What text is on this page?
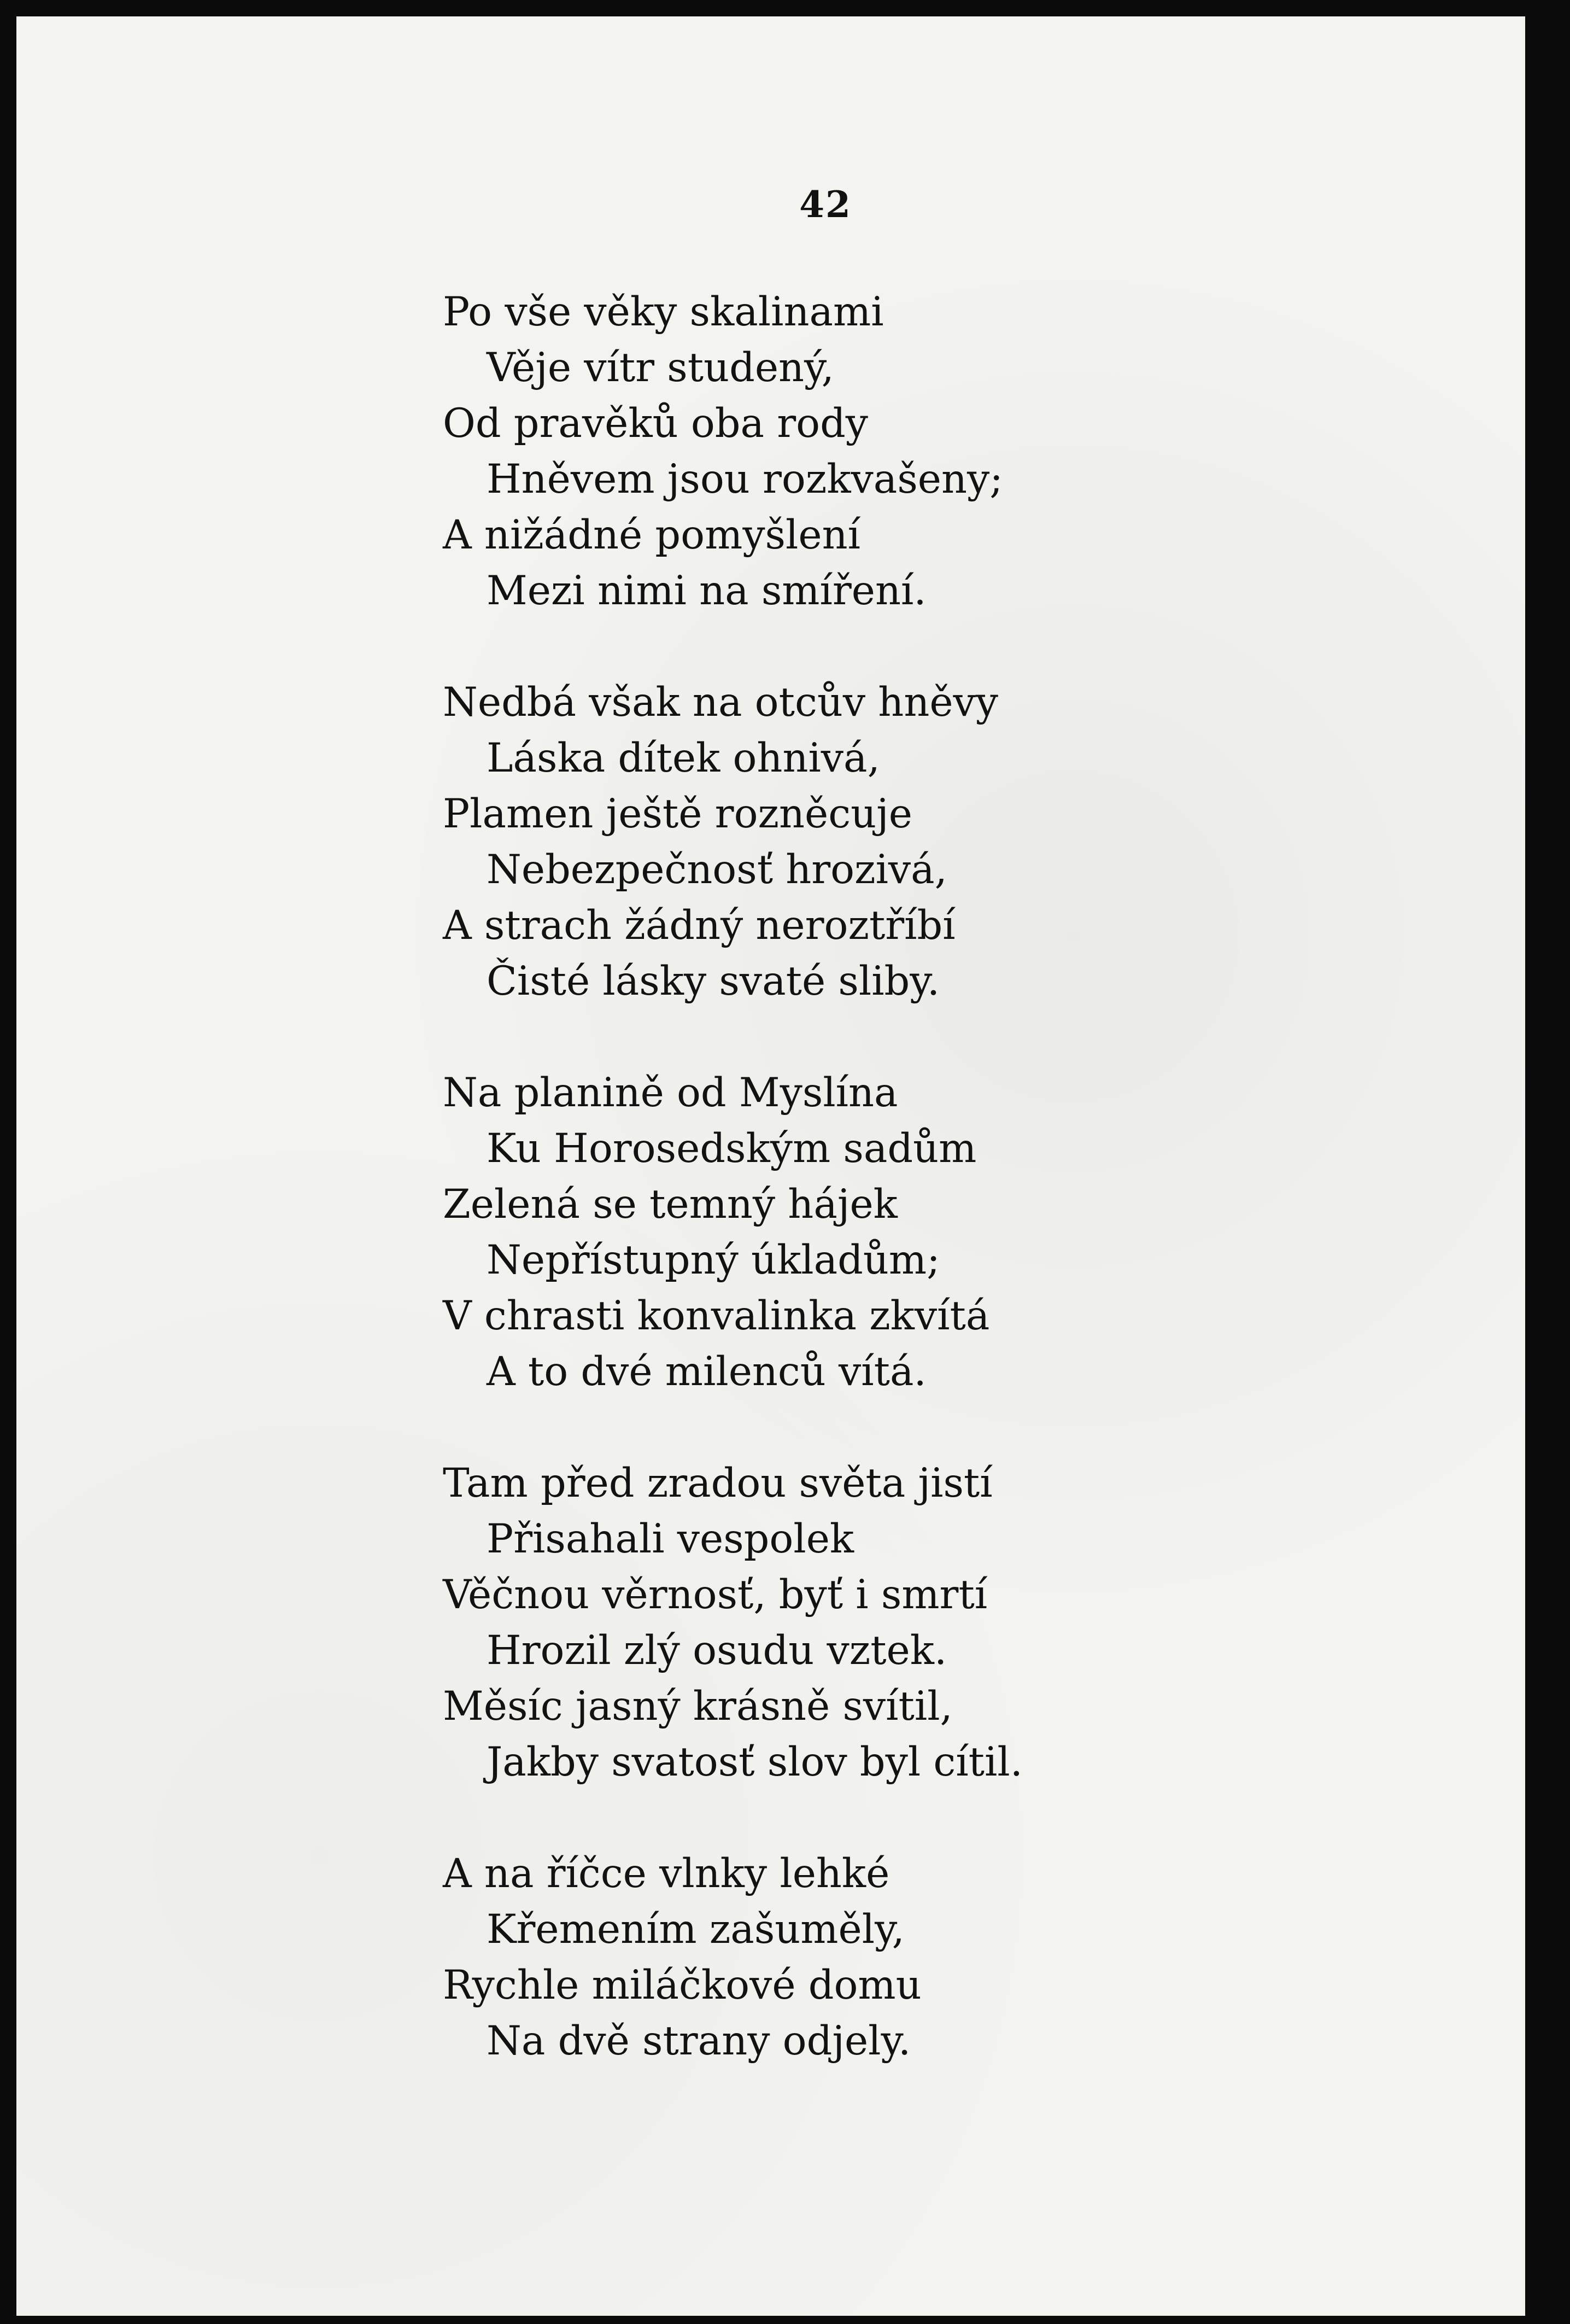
42
Po vše věky skalinami
Věje vítr studený,
Od pravěků oba rody
Hněvem jsou rozkvašeny;
A nižádné pomyšlení
Mezi nimi na smíření.
Nedbá však na otcův hněvy
Láska dítek ohnivá,
Plamen ještě rozněcuje
Nebezpečnosť hrozivá,
A strach žádný neroztříbí
Čisté lásky svaté sliby.
Na planině od Myslína
Ku Horosedským sadům
Zelená se temný hájek
Nepřístupný úkladům;
V chrasti konvalinka zkvítá
A to dvé milenců vítá.
Tam před zradou světa jistí
Přisahali vespolek
Věčnou věrnosť, byť i smrtí
Hrozil zlý osudu vztek.
Měsíc jasný krásně svítil,
Jakby svatosť slov byl cítil.
A na říčce vlnky lehké
Křemením zašuměly,
Rychle miláčkové domu
Na dvě strany odjely.
